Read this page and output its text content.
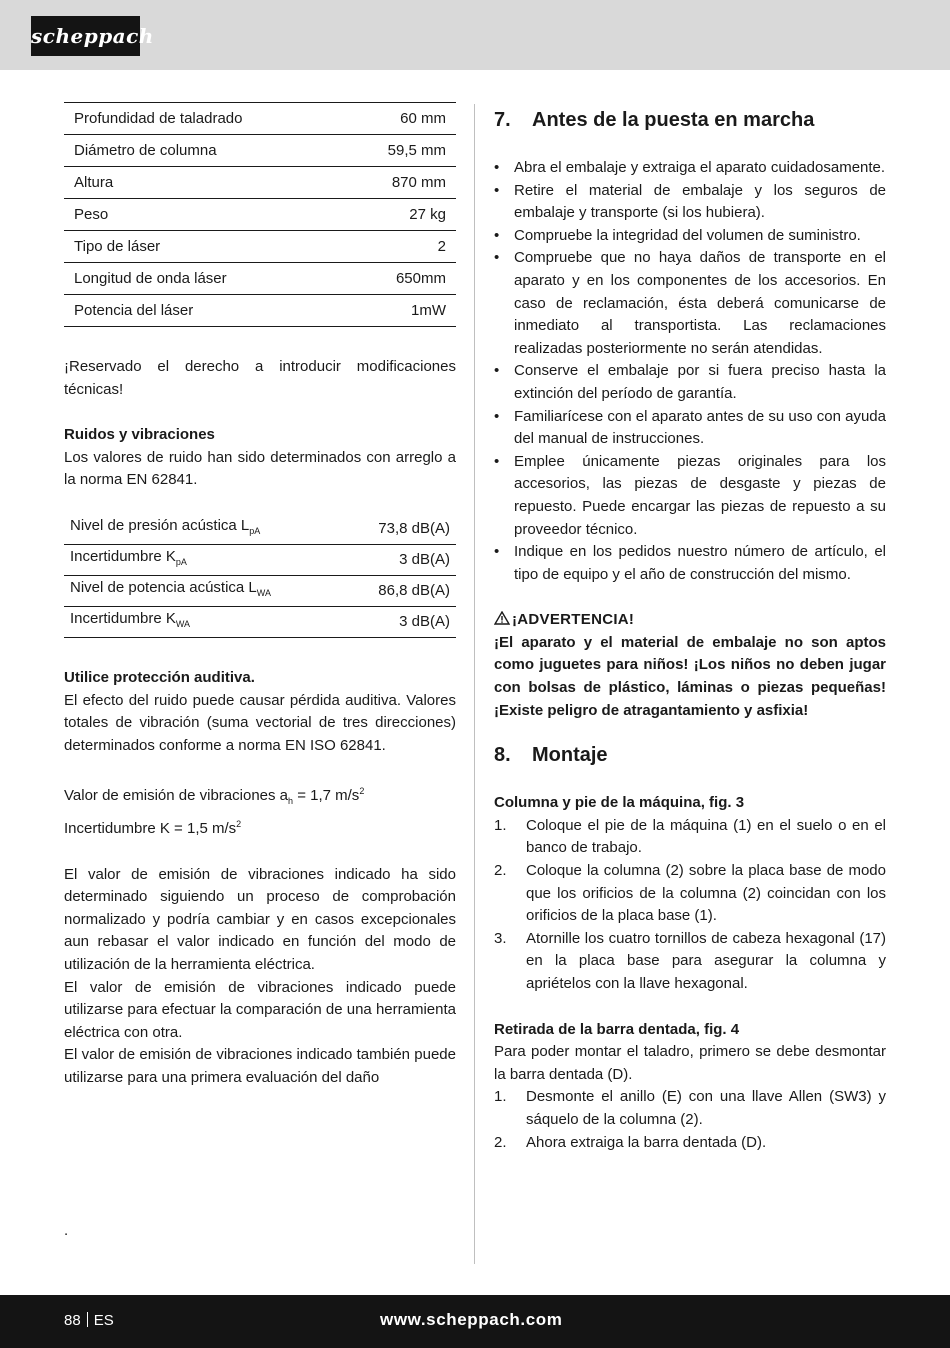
scheppach
Profundidad de taladrado	60 mm
Diámetro de columna	59,5 mm
Altura	870 mm
Peso	27 kg
Tipo de láser	2
Longitud de onda láser	650mm
Potencia del láser	1mW

¡Reservado el derecho a introducir modificaciones técnicas!

Ruidos y vibraciones

Los valores de ruido han sido determinados con arreglo a la norma EN 62841.

Nivel de presión acústica $L_{pA}$	73,8 dB(A)
Incertidumbre $K_{pA}$	3 dB(A)
Nivel de potencia acústica $L_{WA}$	86,8 dB(A)
Incertidumbre $K_{WA}$	3 dB(A)

Utilice protección auditiva.

El efecto del ruido puede causar pérdida auditiva. Valores totales de vibración (suma vectorial de tres direcciones) determinados conforme a norma EN ISO 62841.

Valor de emisión de vibraciones $a_h = 1,7$ $m/s^2$

Incertidumbre K = 1,5 $m/s^2$

El valor de emisión de vibraciones indicado ha sido determinado siguiendo un proceso de comprobación normalizado y podría cambiar y en casos excepcionales aun rebasar el valor indicado en función del modo de utilización de la herramienta eléctrica.

El valor de emisión de vibraciones indicado puede utilizarse para efectuar la comparación de una herramienta eléctrica con otra.

El valor de emisión de vibraciones indicado también puede utilizarse para una primera evaluación del daño

.
7. Antes de la puesta en marcha
• Abra el embalaje y extraiga el aparato cuidadosamente.
• Retire el material de embalaje y los seguros de embalaje y transporte (si los hubiera).
• Compruebe la integridad del volumen de suministro.
• Compruebe que no haya daños de transporte en el aparato y en los componentes de los accesorios. En caso de reclamación, ésta deberá comunicarse de inmediato al transportista. Las reclamaciones realizadas posteriormente no serán atendidas.
• Conserve el embalaje por si fuera preciso hasta la extinción del período de garantía.
• Familiarícese con el aparato antes de su uso con ayuda del manual de instrucciones.
• Emplee únicamente piezas originales para los accesorios, las piezas de desgaste y piezas de repuesto. Puede encargar las piezas de repuesto a su proveedor técnico.
• Indique en los pedidos nuestro número de artículo, el tipo de equipo y el año de construcción del mismo.

¡ADVERTENCIA!

¡El aparato y el material de embalaje no son aptos como juguetes para niños! ¡Los niños no deben jugar con bolsas de plástico, láminas o piezas pequeñas! ¡Existe peligro de atragantamiento y asfixia!

8. Montaje

Columna y pie de la máquina, fig. 3

1. Coloque el pie de la máquina (1) en el suelo o en el banco de trabajo.
2. Coloque la columna (2) sobre la placa base de modo que los orificios de la columna (2) coincidan con los orificios de la placa base (1).
3. Atornille los cuatro tornillos de cabeza hexagonal (17) en la placa base para asegurar la columna y apriételos con la llave hexagonal.

Retirada de la barra dentada, fig. 4

Para poder montar el taladro, primero se debe desmontar la barra dentada (D).

1. Desmonte el anillo (E) con una llave Allen (SW3) y sáquelo de la columna (2).
2. Ahora extraiga la barra dentada (D).
88 ES	www.scheppach.com
